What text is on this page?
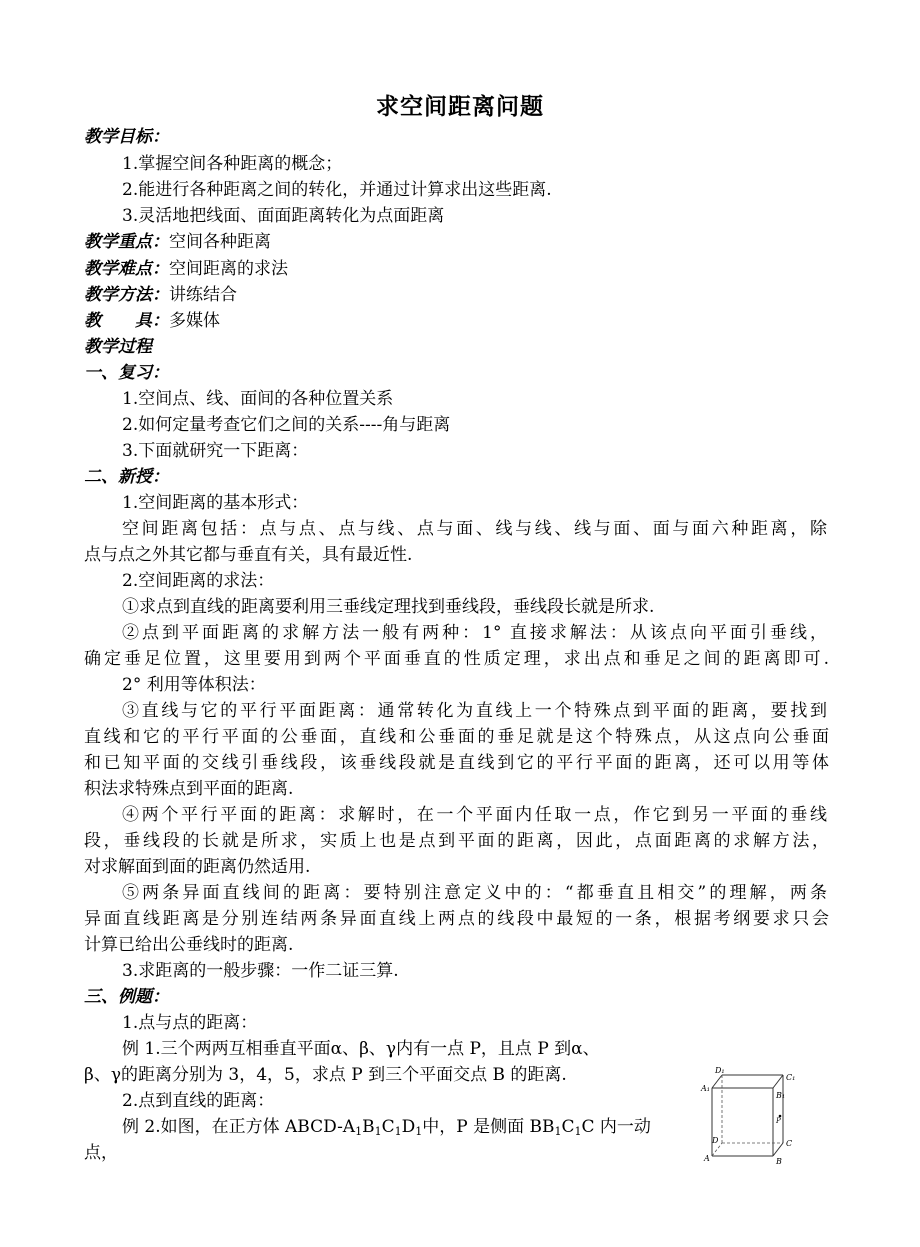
求空间距离问题
教学目标：
1.掌握空间各种距离的概念；
2.能进行各种距离之间的转化，并通过计算求出这些距离.
3.灵活地把线面、面面距离转化为点面距离
教学重点：空间各种距离
教学难点：空间距离的求法
教学方法：讲练结合
教　　具：多媒体
教学过程
一、复习：
1.空间点、线、面间的各种位置关系
2.如何定量考查它们之间的关系----角与距离
3.下面就研究一下距离：
二、新授：
1.空间距离的基本形式：
空间距离包括：点与点、点与线、点与面、线与线、线与面、面与面六种距离，除
点与点之外其它都与垂直有关，具有最近性.
2.空间距离的求法：
①求点到直线的距离要利用三垂线定理找到垂线段，垂线段长就是所求.
②点到平面距离的求解方法一般有两种：1° 直接求解法：从该点向平面引垂线，
确定垂足位置，这里要用到两个平面垂直的性质定理，求出点和垂足之间的距离即可.
2° 利用等体积法：
③直线与它的平行平面距离：通常转化为直线上一个特殊点到平面的距离，要找到
直线和它的平行平面的公垂面，直线和公垂面的垂足就是这个特殊点，从这点向公垂面
和已知平面的交线引垂线段，该垂线段就是直线到它的平行平面的距离，还可以用等体
积法求特殊点到平面的距离.
④两个平行平面的距离：求解时，在一个平面内任取一点，作它到另一平面的垂线
段，垂线段的长就是所求，实质上也是点到平面的距离，因此，点面距离的求解方法，
对求解面到面的距离仍然适用.
⑤两条异面直线间的距离：要特别注意定义中的：“都垂直且相交”的理解，两条
异面直线距离是分别连结两条异面直线上两点的线段中最短的一条，根据考纲要求只会
计算已给出公垂线时的距离.
3.求距离的一般步骤：一作二证三算.
三、例题：
1.点与点的距离：
例 1.三个两两互相垂直平面α、β、γ内有一点 P，且点 P 到α、
β、γ的距离分别为 3，4，5，求点 P 到三个平面交点 B 的距离.
2.点到直线的距离：
例 2.如图，在正方体 ABCD-$A_1B_1C_1D_1$中，P 是侧面 $BB_1C_1C$ 内一动
点，
D₁
C₁
A₁
B₁
P
D	C
A	B
